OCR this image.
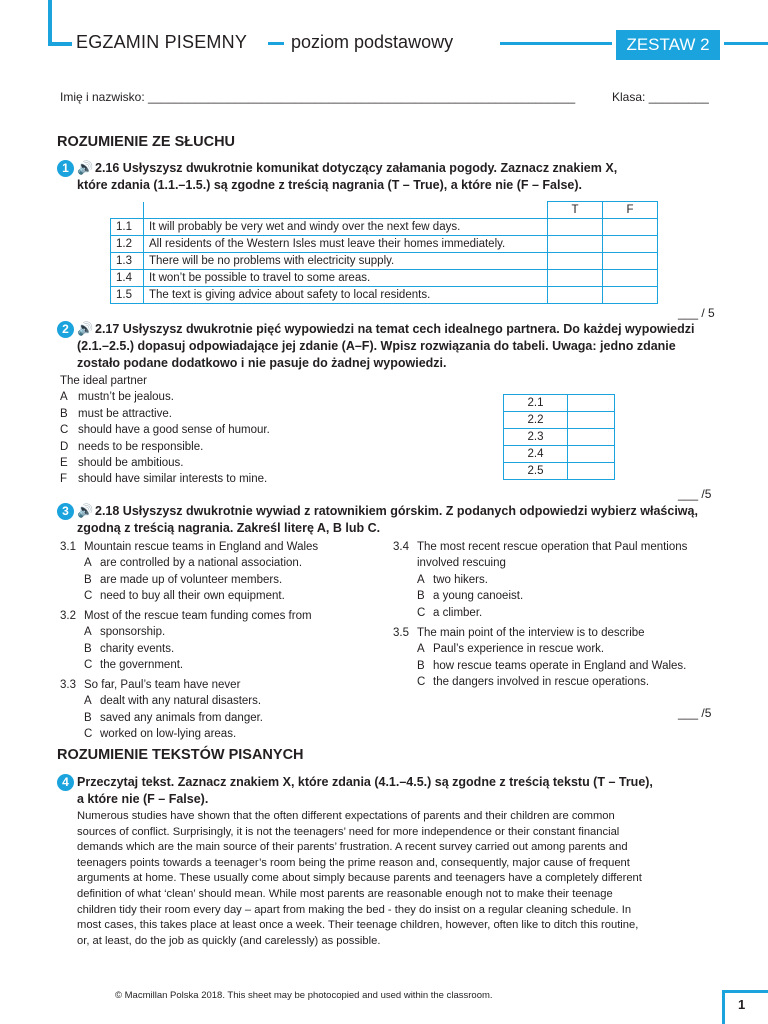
EGZAMIN PISEMNY poziom podstawowy	ZESTAW 2
Imię i nazwisko: ________________________________________________________________	Klasa: _________
ROZUMIENIE ZE SŁUCHU
1 🔊 2.16 Usłyszysz dwukrotnie komunikat dotyczący załamania pogody. Zaznacz znakiem X,
które zdania (1.1.–1.5.) są zgodne z treścią nagrania (T – True), a które nie (F – False).
		T	F
1.1	It will probably be very wet and windy over the next few days.		
1.2	All residents of the Western Isles must leave their homes immediately.		
1.3	There will be no problems with electricity supply.		
1.4	It won’t be possible to travel to some areas.		
1.5	The text is giving advice about safety to local residents.		
___ / 5
2 🔊 2.17 Usłyszysz dwukrotnie pięć wypowiedzi na temat cech idealnego partnera. Do każdej wypowiedzi
(2.1.–2.5.) dopasuj odpowiadające jej zdanie (A–F). Wpisz rozwiązania do tabeli. Uwaga: jedno zdanie
zostało podane dodatkowo i nie pasuje do żadnej wypowiedzi.
The ideal partner
A mustn’t be jealous.
B must be attractive.
C should have a good sense of humour.
D needs to be responsible.
E should be ambitious.
F should have similar interests to mine.
2.1	
2.2	
2.3	
2.4	
2.5	
___ /5
3 🔊 2.18 Usłyszysz dwukrotnie wywiad z ratownikiem górskim. Z podanych odpowiedzi wybierz właściwą,
zgodną z treścią nagrania. Zakreśl literę A, B lub C.
3.1 Mountain rescue teams in England and Wales
A are controlled by a national association.
B are made up of volunteer members.
C need to buy all their own equipment.
3.2 Most of the rescue team funding comes from
A sponsorship.
B charity events.
C the government.
3.3 So far, Paul’s team have never
A dealt with any natural disasters.
B saved any animals from danger.
C worked on low-lying areas.
3.4 The most recent rescue operation that Paul mentions
involved rescuing
A two hikers.
B a young canoeist.
C a climber.
3.5 The main point of the interview is to describe
A Paul’s experience in rescue work.
B how rescue teams operate in England and Wales.
C the dangers involved in rescue operations.
___ /5
ROZUMIENIE TEKSTÓW PISANYCH
4 Przeczytaj tekst. Zaznacz znakiem X, które zdania (4.1.–4.5.) są zgodne z treścią tekstu (T – True),
a które nie (F – False).
Numerous studies have shown that the often different expectations of parents and their children are common
sources of conflict. Surprisingly, it is not the teenagers’ need for more independence or their constant financial
demands which are the main source of their parents’ frustration. A recent survey carried out among parents and
teenagers points towards a teenager’s room being the prime reason and, consequently, major cause of frequent
arguments at home. These usually come about simply because parents and teenagers have a completely different
definition of what ‘clean’ should mean. While most parents are reasonable enough not to make their teenage
children tidy their room every day – apart from making the bed - they do insist on a regular cleaning schedule. In
most cases, this takes place at least once a week. Their teenage children, however, often like to ditch this routine,
or, at least, do the job as quickly (and carelessly) as possible.
© Macmillan Polska 2018. This sheet may be photocopied and used within the classroom.
1
